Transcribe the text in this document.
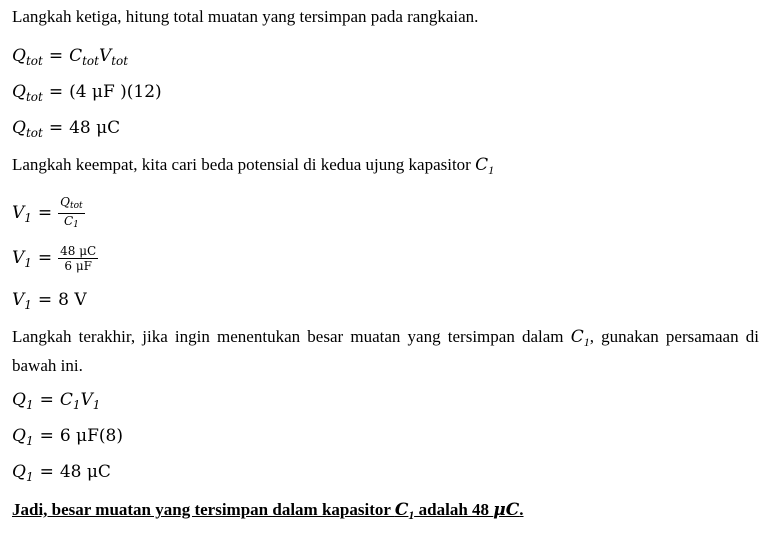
Langkah ketiga, hitung total muatan yang tersimpan pada rangkaian.
$Q_{tot} = C_{tot}V_{tot}$
$Q_{tot} = (4$ μF )(12)
$Q_{tot} = 48$ μC
Langkah keempat, kita cari beda potensial di kedua ujung kapasitor $C_1$
$V_1 = \frac{Q_{tot}}{C_1}$
$V_1 = \frac{48 \mu C}{6 \mu F}$
$V_1 = 8$ V
Langkah terakhir, jika ingin menentukan besar muatan yang tersimpan dalam $C_1$, gunakan persamaan di bawah ini.
$Q_1 = C_1V_1$
$Q_1 = 6$ μF(8)
$Q_1 = 48$ μC
Jadi, besar muatan yang tersimpan dalam kapasitor $C_1$ adalah 48 μC.
